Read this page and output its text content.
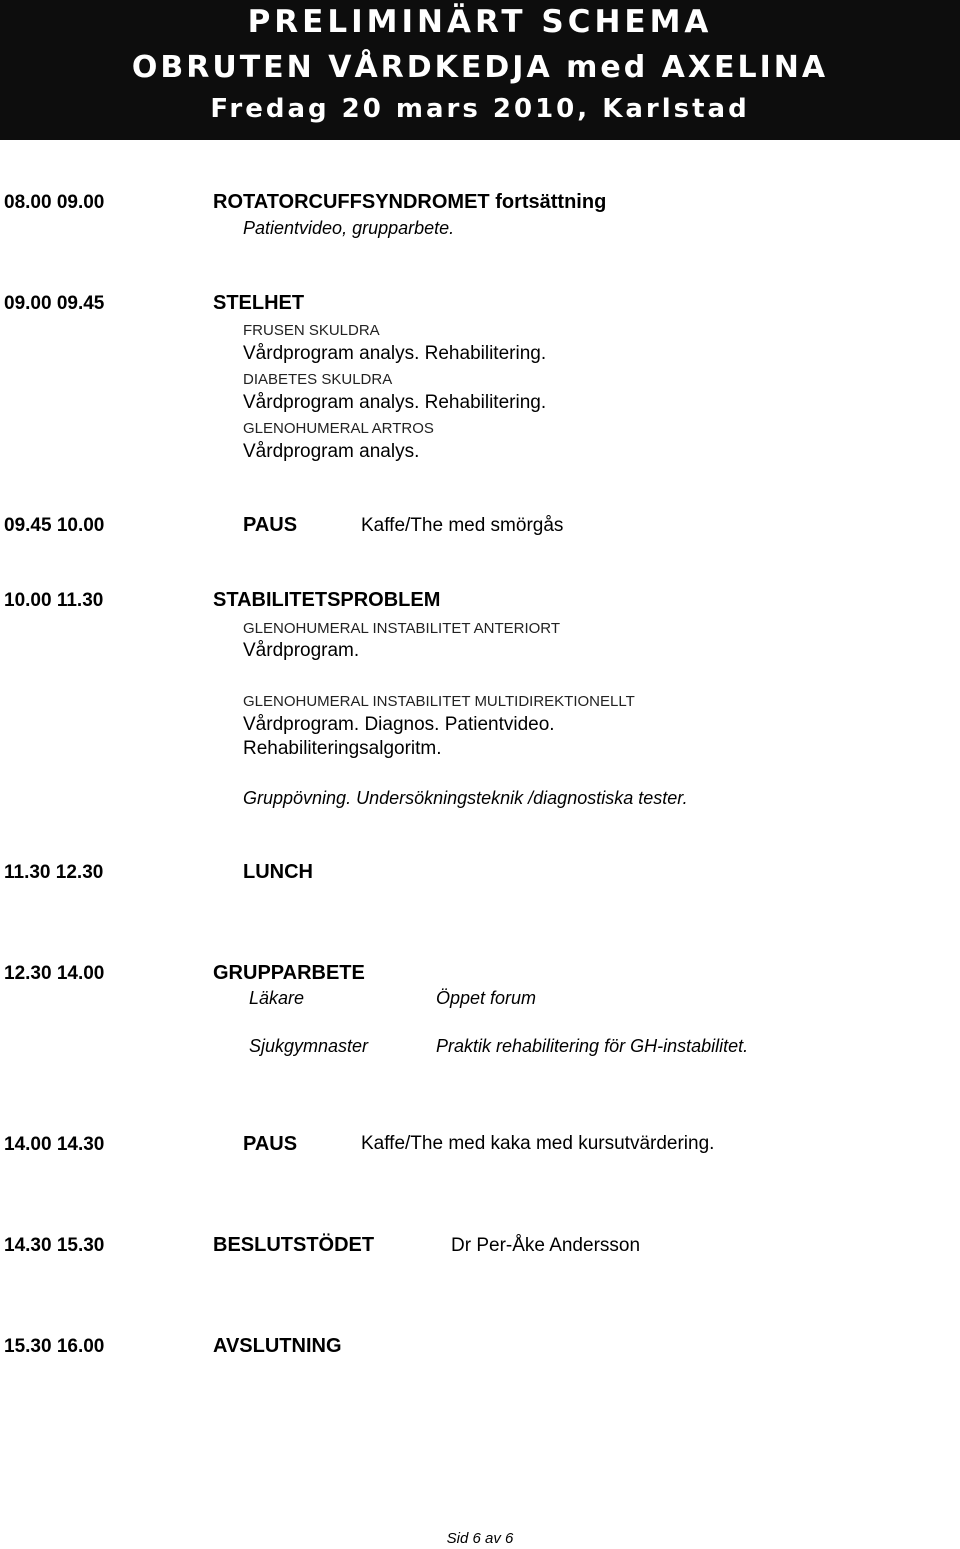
PRELIMINÄRT SCHEMA
OBRUTEN VÅRDKEDJA med AXELINA
Fredag 20 mars 2010, Karlstad
08.00 09.00	ROTATORCUFFSYNDROMET fortsättning
Patientvideo, grupparbete.
09.00 09.45	STELHET
FRUSEN SKULDRA
Vårdprogram analys. Rehabilitering.
DIABETES SKULDRA
Vårdprogram analys. Rehabilitering.
GLENOHUMERAL ARTROS
Vårdprogram analys.
09.45 10.00	PAUS	Kaffe/The med smörgås
10.00 11.30	STABILITETSPROBLEM
GLENOHUMERAL INSTABILITET ANTERIORT
Vårdprogram.
GLENOHUMERAL INSTABILITET MULTIDIREKTIONELLT
Vårdprogram. Diagnos. Patientvideo.
Rehabiliteringsalgoritm.
Gruppövning. Undersökningsteknik /diagnostiska tester.
11.30 12.30	LUNCH
12.30 14.00	GRUPPARBETE
Läkare	Öppet forum
Sjukgymnaster	Praktik rehabilitering för GH-instabilitet.
14.00 14.30	PAUS	Kaffe/The med kaka med kursutvärdering.
14.30 15.30	BESLUTSTÖDET	Dr Per-Åke Andersson
15.30 16.00	AVSLUTNING
Sid 6 av 6
